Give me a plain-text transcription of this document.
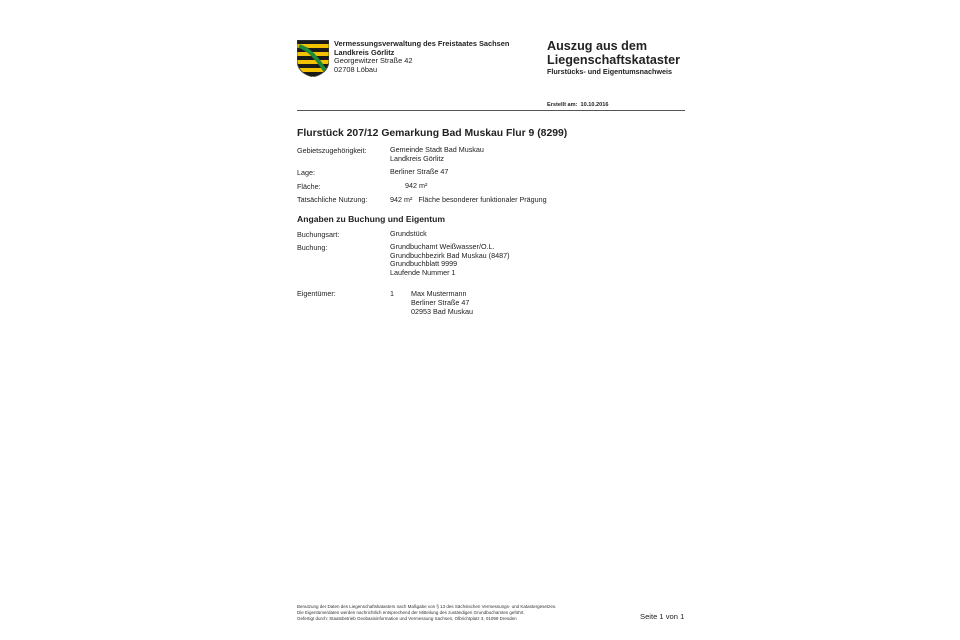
Vermessungsverwaltung des Freistaates Sachsen
Landkreis Görlitz
Georgewitzer Straße 42
02708 Löbau
Auszug aus dem
Liegenschaftskataster
Flurstücks- und Eigentumsnachweis
Erstellt am: 10.10.2016
Flurstück 207/12 Gemarkung Bad Muskau Flur 9 (8299)
Gebietszugehörigkeit:	Gemeinde Stadt Bad Muskau
Landkreis Görlitz
Lage:	Berliner Straße 47
Fläche:	942 m²
Tatsächliche Nutzung:	942 m² Fläche besonderer funktionaler Prägung
Angaben zu Buchung und Eigentum
Buchungsart:	Grundstück
Buchung:	Grundbuchamt Weißwasser/O.L.
Grundbuchbezirk Bad Muskau (8487)
Grundbuchblatt 9999
Laufende Nummer 1
Eigentümer:	1 Max Mustermann
Berliner Straße 47
02953 Bad Muskau
Benutzung der Daten des Liegenschaftskatasters nach Maßgabe von § 13 des Sächsischen Vermessungs- und Katastergesetzes.
Die Eigentümerdaten werden nachrichtlich entsprechend der Mitteilung des zuständigen Grundbuchamtes geführt.
Gefertigt durch: Staatsbetrieb Geobasisinformation und Vermessung Sachsen, Olbrichtplatz 3, 01099 Dresden	Seite 1 von 1
